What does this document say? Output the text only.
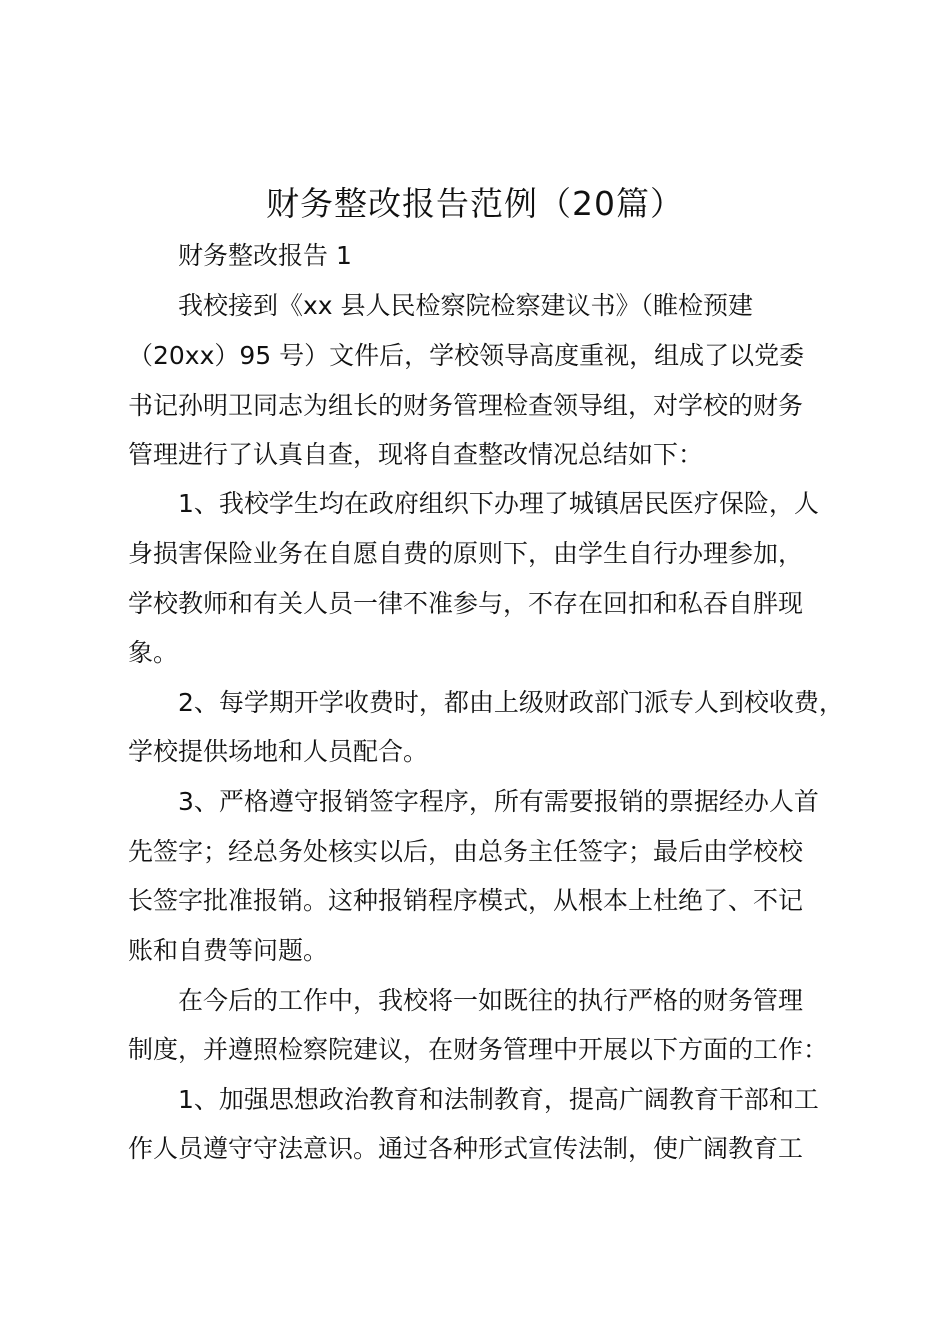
财务整改报告范例（20篇）
财务整改报告 1
我校接到《xx 县人民检察院检察建议书》（睢检预建
（20xx）95 号）文件后，学校领导高度重视，组成了以党委
书记孙明卫同志为组长的财务管理检查领导组，对学校的财务
管理进行了认真自查，现将自查整改情况总结如下：
1、我校学生均在政府组织下办理了城镇居民医疗保险，人
身损害保险业务在自愿自费的原则下，由学生自行办理参加，
学校教师和有关人员一律不准参与，不存在回扣和私吞自胖现
象。
2、每学期开学收费时，都由上级财政部门派专人到校收费，
学校提供场地和人员配合。
3、严格遵守报销签字程序，所有需要报销的票据经办人首
先签字；经总务处核实以后，由总务主任签字；最后由学校校
长签字批准报销。这种报销程序模式，从根本上杜绝了、不记
账和自费等问题。
在今后的工作中，我校将一如既往的执行严格的财务管理
制度，并遵照检察院建议，在财务管理中开展以下方面的工作：
1、加强思想政治教育和法制教育，提高广阔教育干部和工
作人员遵守守法意识。通过各种形式宣传法制，使广阔教育工
